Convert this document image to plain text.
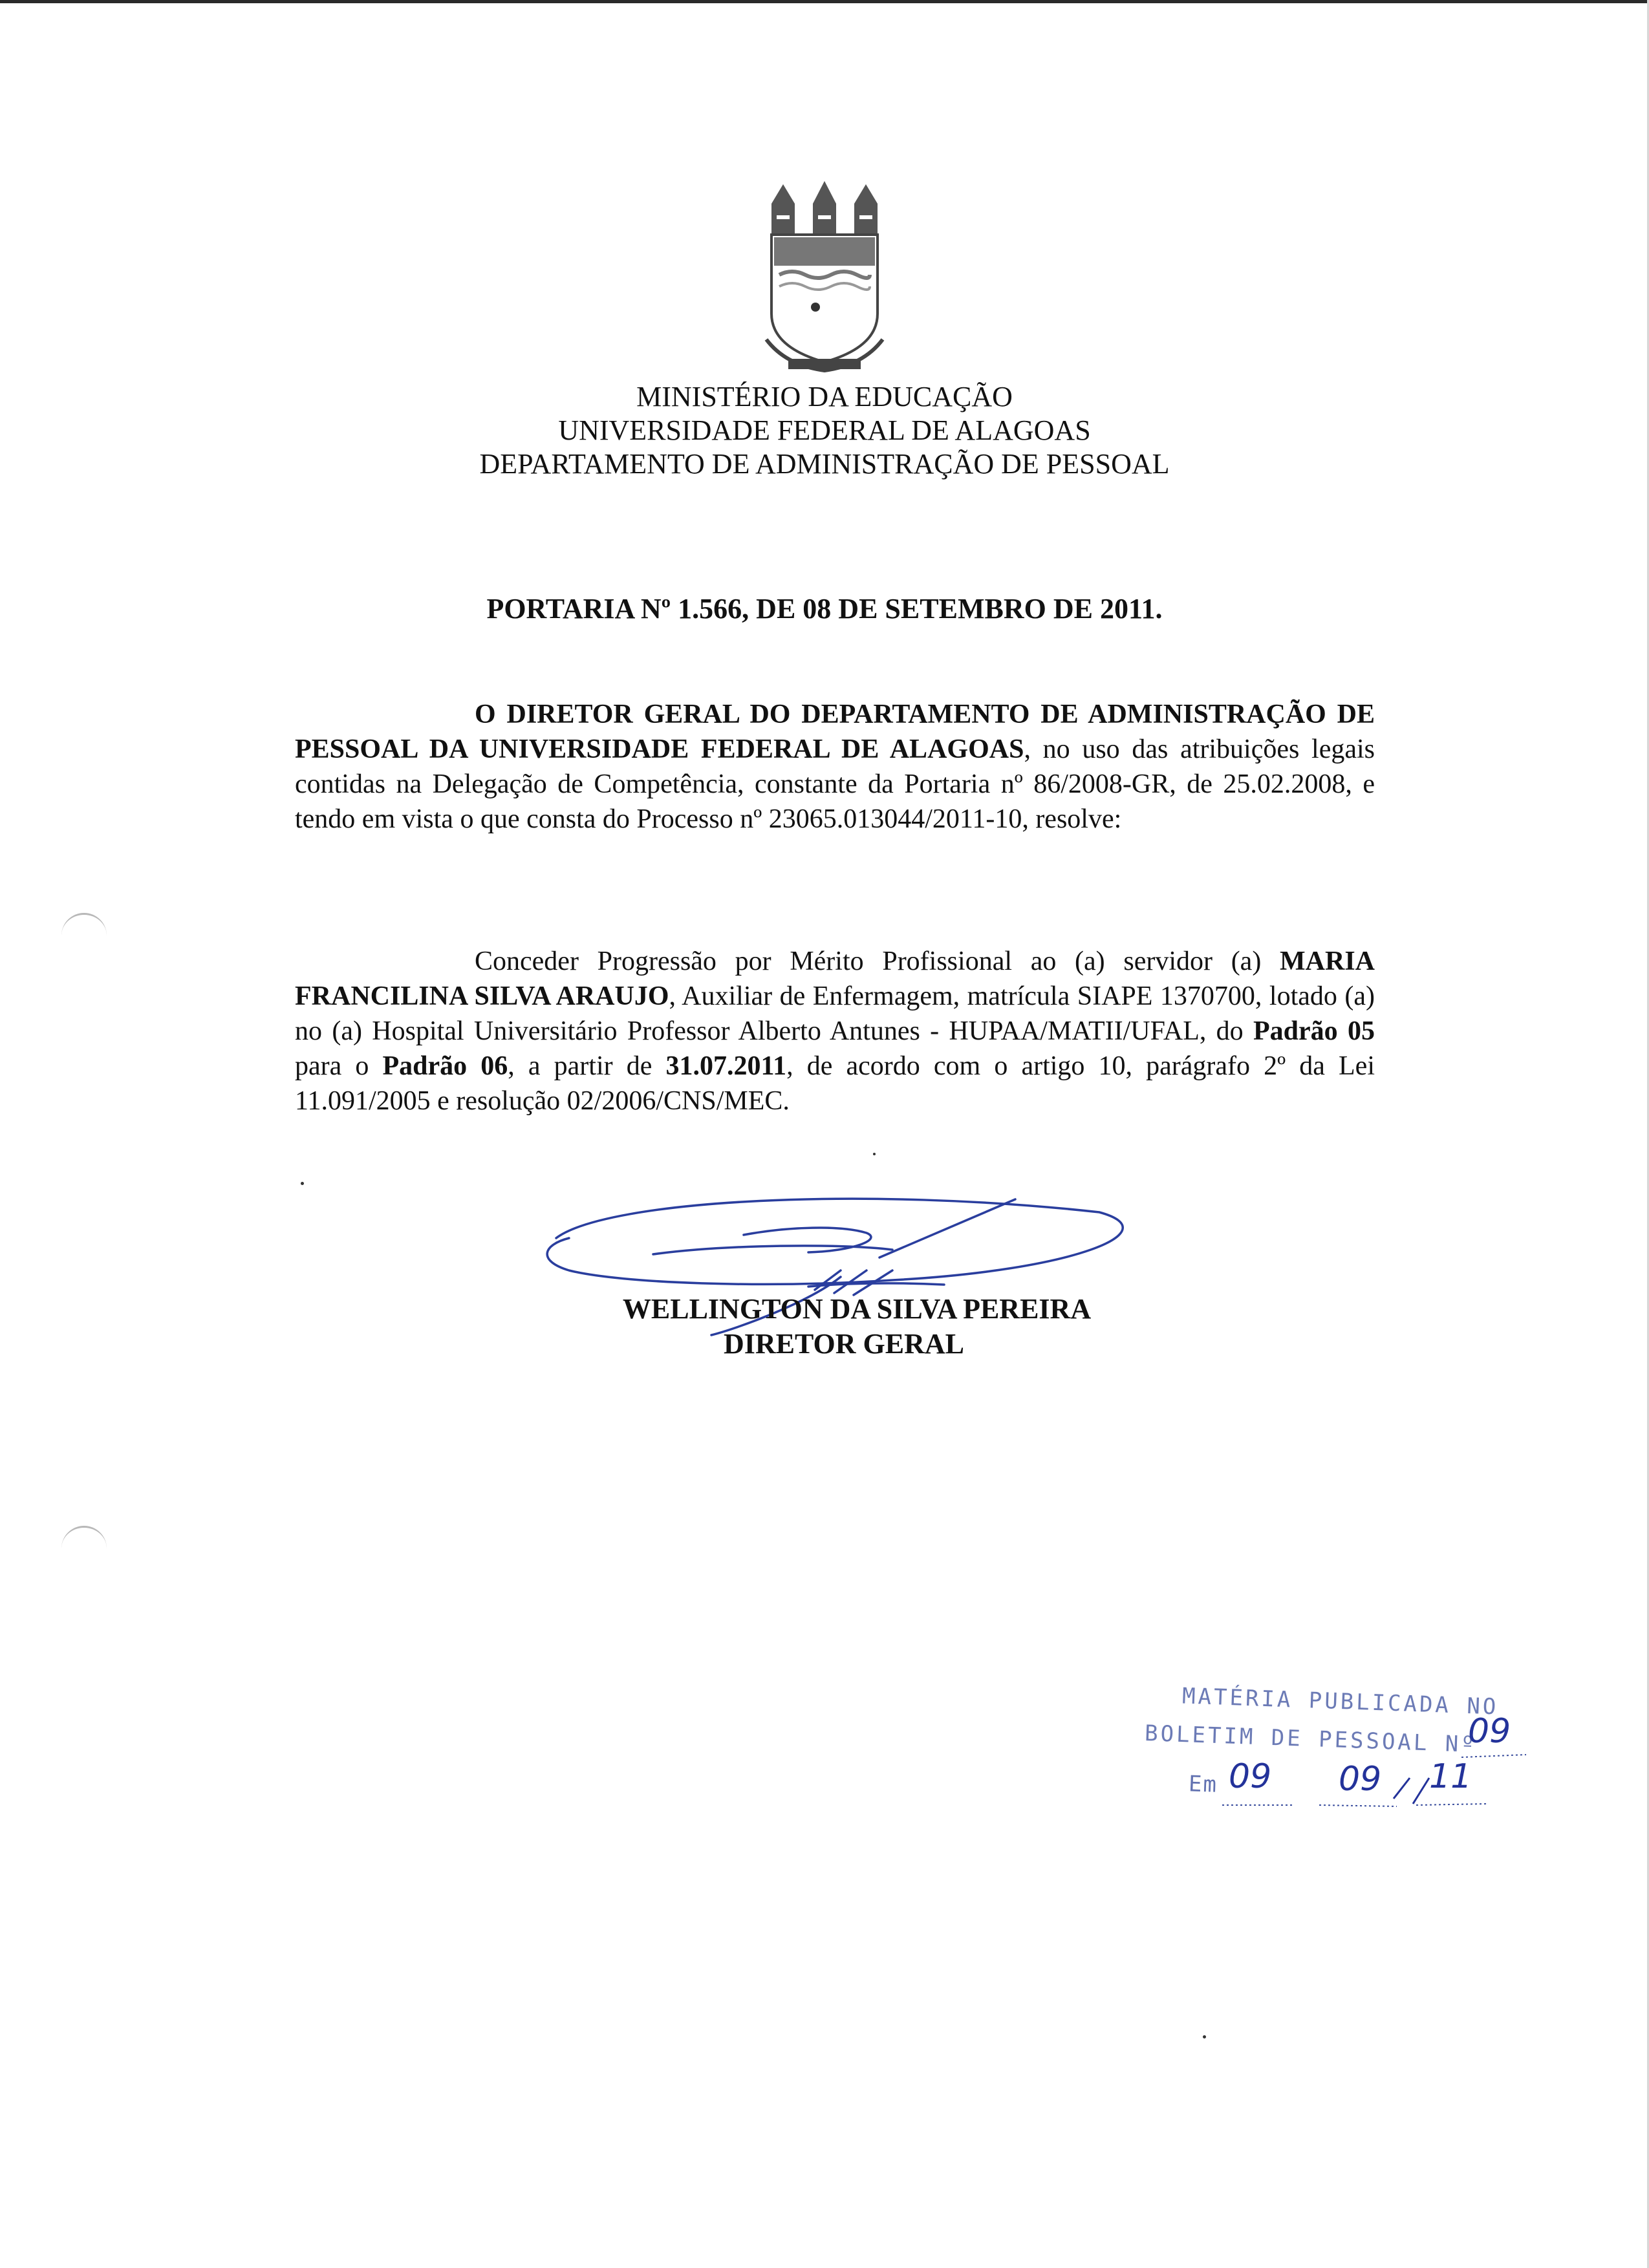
MINISTÉRIO DA EDUCAÇÃO
UNIVERSIDADE FEDERAL DE ALAGOAS
DEPARTAMENTO DE ADMINISTRAÇÃO DE PESSOAL
PORTARIA Nº 1.566, DE 08 DE SETEMBRO DE 2011.
O DIRETOR GERAL DO DEPARTAMENTO DE ADMINISTRAÇÃO DE PESSOAL DA UNIVERSIDADE FEDERAL DE ALAGOAS, no uso das atribuições legais contidas na Delegação de Competência, constante da Portaria nº 86/2008-GR, de 25.02.2008, e tendo em vista o que consta do Processo nº 23065.013044/2011-10, resolve:
Conceder Progressão por Mérito Profissional ao (a) servidor (a) MARIA FRANCILINA SILVA ARAUJO, Auxiliar de Enfermagem, matrícula SIAPE 1370700, lotado (a) no (a) Hospital Universitário Professor Alberto Antunes - HUPAA/MATII/UFAL, do Padrão 05 para o Padrão 06, a partir de 31.07.2011, de acordo com o artigo 10, parágrafo 2º da Lei 11.091/2005 e resolução 02/2006/CNS/MEC.
WELLINGTON DA SILVA PEREIRA
DIRETOR GERAL
MATÉRIA PUBLICADA NO
BOLETIM DE PESSOAL Nº
09
Em 09 09 11
